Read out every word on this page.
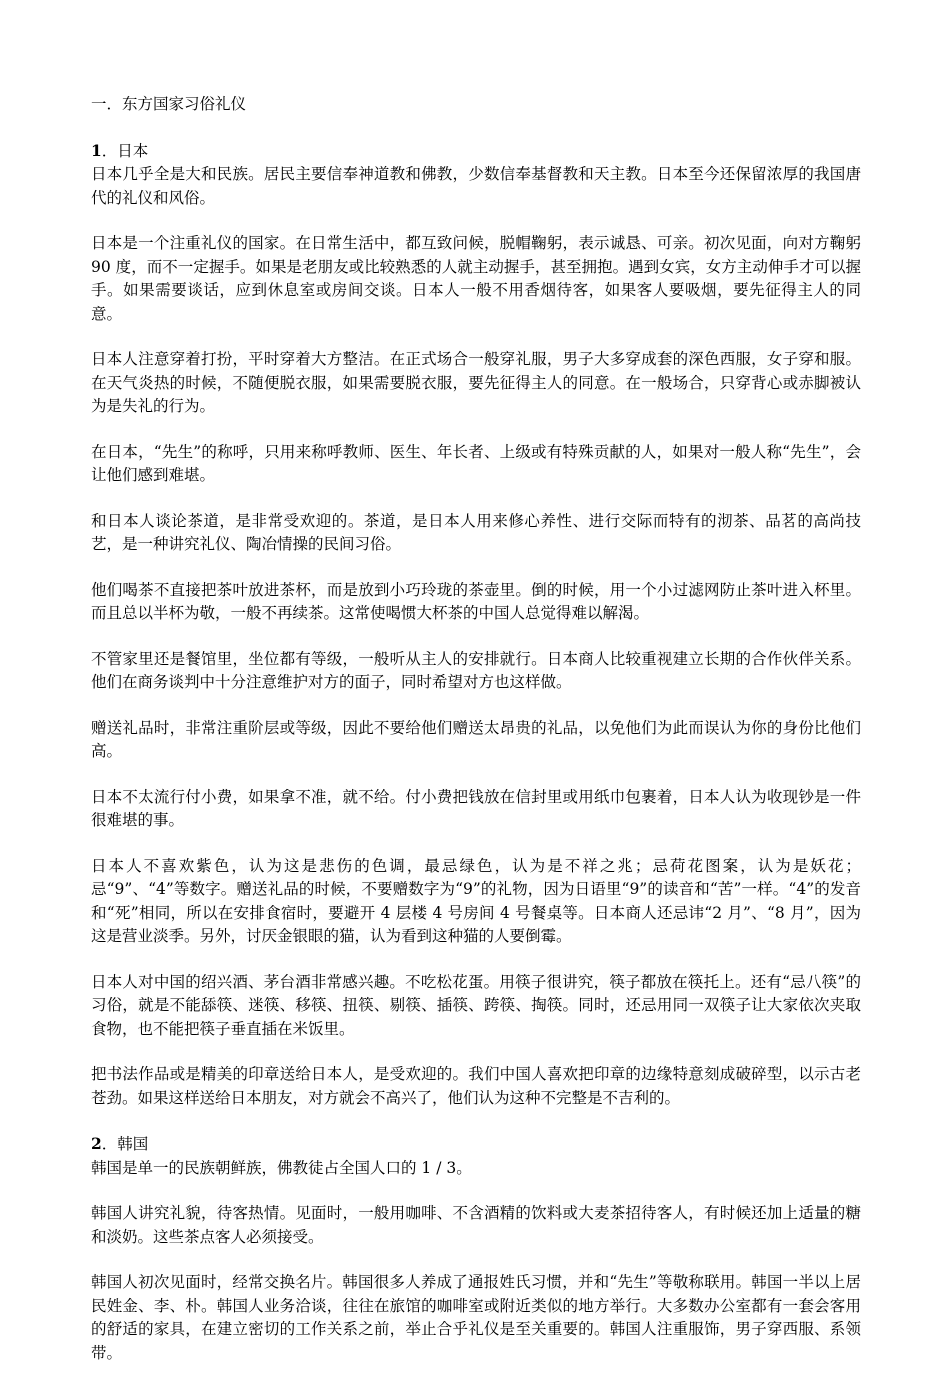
一．东方国家习俗礼仪
1．日本

日本几乎全是大和民族。居民主要信奉神道教和佛教，少数信奉基督教和天主教。日本至今还保留浓厚的我国唐代的礼仪和风俗。

日本是一个注重礼仪的国家。在日常生活中，都互致问候，脱帽鞠躬，表示诚恳、可亲。初次见面，向对方鞠躬 90 度，而不一定握手。如果是老朋友或比较熟悉的人就主动握手，甚至拥抱。遇到女宾，女方主动伸手才可以握手。如果需要谈话，应到休息室或房间交谈。日本人一般不用香烟待客，如果客人要吸烟，要先征得主人的同意。

日本人注意穿着打扮，平时穿着大方整洁。在正式场合一般穿礼服，男子大多穿成套的深色西服，女子穿和服。在天气炎热的时候，不随便脱衣服，如果需要脱衣服，要先征得主人的同意。在一般场合，只穿背心或赤脚被认为是失礼的行为。

在日本，“先生”的称呼，只用来称呼教师、医生、年长者、上级或有特殊贡献的人，如果对一般人称“先生”，会让他们感到难堪。

和日本人谈论茶道，是非常受欢迎的。茶道，是日本人用来修心养性、进行交际而特有的沏茶、品茗的高尚技艺，是一种讲究礼仪、陶冶情操的民间习俗。

他们喝茶不直接把茶叶放进茶杯，而是放到小巧玲珑的茶壶里。倒的时候，用一个小过滤网防止茶叶进入杯里。而且总以半杯为敬，一般不再续茶。这常使喝惯大杯茶的中国人总觉得难以解渴。

不管家里还是餐馆里，坐位都有等级，一般听从主人的安排就行。日本商人比较重视建立长期的合作伙伴关系。他们在商务谈判中十分注意维护对方的面子，同时希望对方也这样做。

赠送礼品时，非常注重阶层或等级，因此不要给他们赠送太昂贵的礼品，以免他们为此而误认为你的身份比他们高。

日本不太流行付小费，如果拿不准，就不给。付小费把钱放在信封里或用纸巾包裹着，日本人认为收现钞是一件很难堪的事。

日本人不喜欢紫色，认为这是悲伤的色调，最忌绿色，认为是不祥之兆；忌荷花图案，认为是妖花；忌“9”、“4”等数字。赠送礼品的时候，不要赠数字为“9”的礼物，因为日语里“9”的读音和“苦”一样。“4”的发音和“死”相同，所以在安排食宿时，要避开 4 层楼 4 号房间 4 号餐桌等。日本商人还忌讳“2 月”、“8 月”，因为这是营业淡季。另外，讨厌金银眼的猫，认为看到这种猫的人要倒霉。

日本人对中国的绍兴酒、茅台酒非常感兴趣。不吃松花蛋。用筷子很讲究，筷子都放在筷托上。还有“忌八筷”的习俗，就是不能舔筷、迷筷、移筷、扭筷、剔筷、插筷、跨筷、掏筷。同时，还忌用同一双筷子让大家依次夹取食物，也不能把筷子垂直插在米饭里。

把书法作品或是精美的印章送给日本人，是受欢迎的。我们中国人喜欢把印章的边缘特意刻成破碎型，以示古老苍劲。如果这样送给日本朋友，对方就会不高兴了，他们认为这种不完整是不吉利的。

2．韩国

韩国是单一的民族朝鲜族，佛教徒占全国人口的 1 / 3。

韩国人讲究礼貌，待客热情。见面时，一般用咖啡、不含酒精的饮料或大麦茶招待客人，有时候还加上适量的糖和淡奶。这些茶点客人必须接受。

韩国人初次见面时，经常交换名片。韩国很多人养成了通报姓氏习惯，并和“先生”等敬称联用。韩国一半以上居民姓金、李、朴。韩国人业务洽谈，往往在旅馆的咖啡室或附近类似的地方举行。大多数办公室都有一套会客用的舒适的家具，在建立密切的工作关系之前，举止合乎礼仪是至关重要的。韩国人注重服饰，男子穿西服、系领带。
